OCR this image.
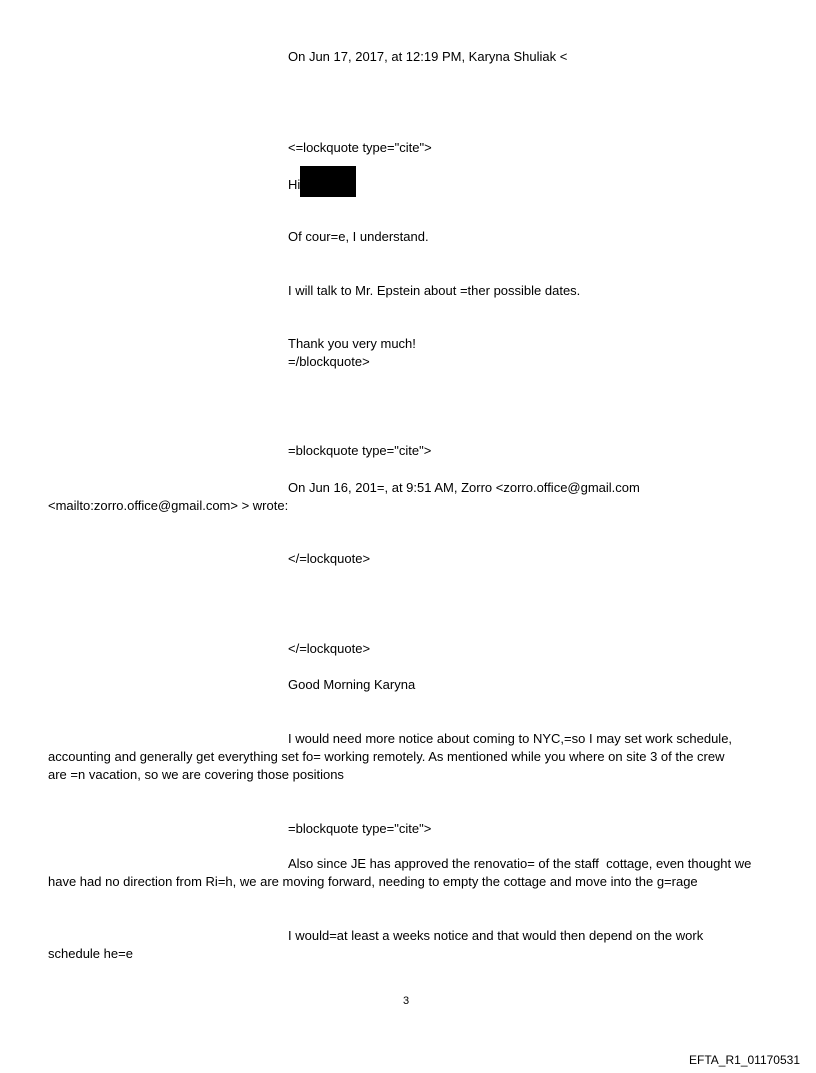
On Jun 17, 2017, at 12:19 PM, Karyna Shuliak <
<=lockquote type="cite">
Hi
Of cour=e, I understand.
I will talk to Mr. Epstein about =ther possible dates.
Thank you very much!
=/blockquote>
=blockquote type="cite">
On Jun 16, 201=, at 9:51 AM, Zorro <zorro.office@gmail.com
<mailto:zorro.office@gmail.com> > wrote:
</=lockquote>
</=lockquote>
Good Morning Karyna
I would need more notice about coming to NYC,=so I may set work schedule,
accounting and generally get everything set fo= working remotely. As mentioned while you where on site 3 of the crew
are =n vacation, so we are covering those positions
=blockquote type="cite">
Also since JE has approved the renovatio= of the staff  cottage, even thought we
have had no direction from Ri=h, we are moving forward, needing to empty the cottage and move into the g=rage
I would=at least a weeks notice and that would then depend on the work
schedule he=e
3
EFTA_R1_01170531
